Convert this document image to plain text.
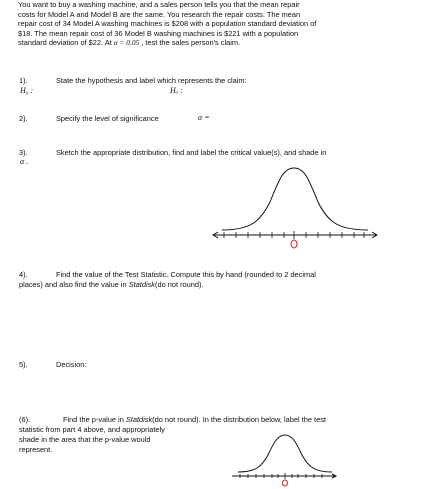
You want to buy a washing machine, and a sales person tells you that the mean repair
costs for Model A and Model B are the same. You research the repair costs. The mean
repair cost of 34 Model A washing machines is $208 with a population standard deviation of
$18. The mean repair cost of 36 Model B washing machines is $221 with a population
standard deviation of $22. At α = 0.05 , test the sales person's claim.
1).	State the hypothesis and label which represents the claim:
H₀ :	Hₐ :
2).	Specify the level of significance	α =
3).	Sketch the appropriate distribution, find and label the critical value(s), and shade in
α .
4).	Find the value of the Test Statistic. Compute this by hand (rounded to 2 decimal
places) and also find the value in Statdisk(do not round).
5).	Decision:
(6).	Find the p-value in Statdisk(do not round). In the distribution below, label the test
statistic from part 4 above, and appropriately
shade in the area that the p-value would
represent.
